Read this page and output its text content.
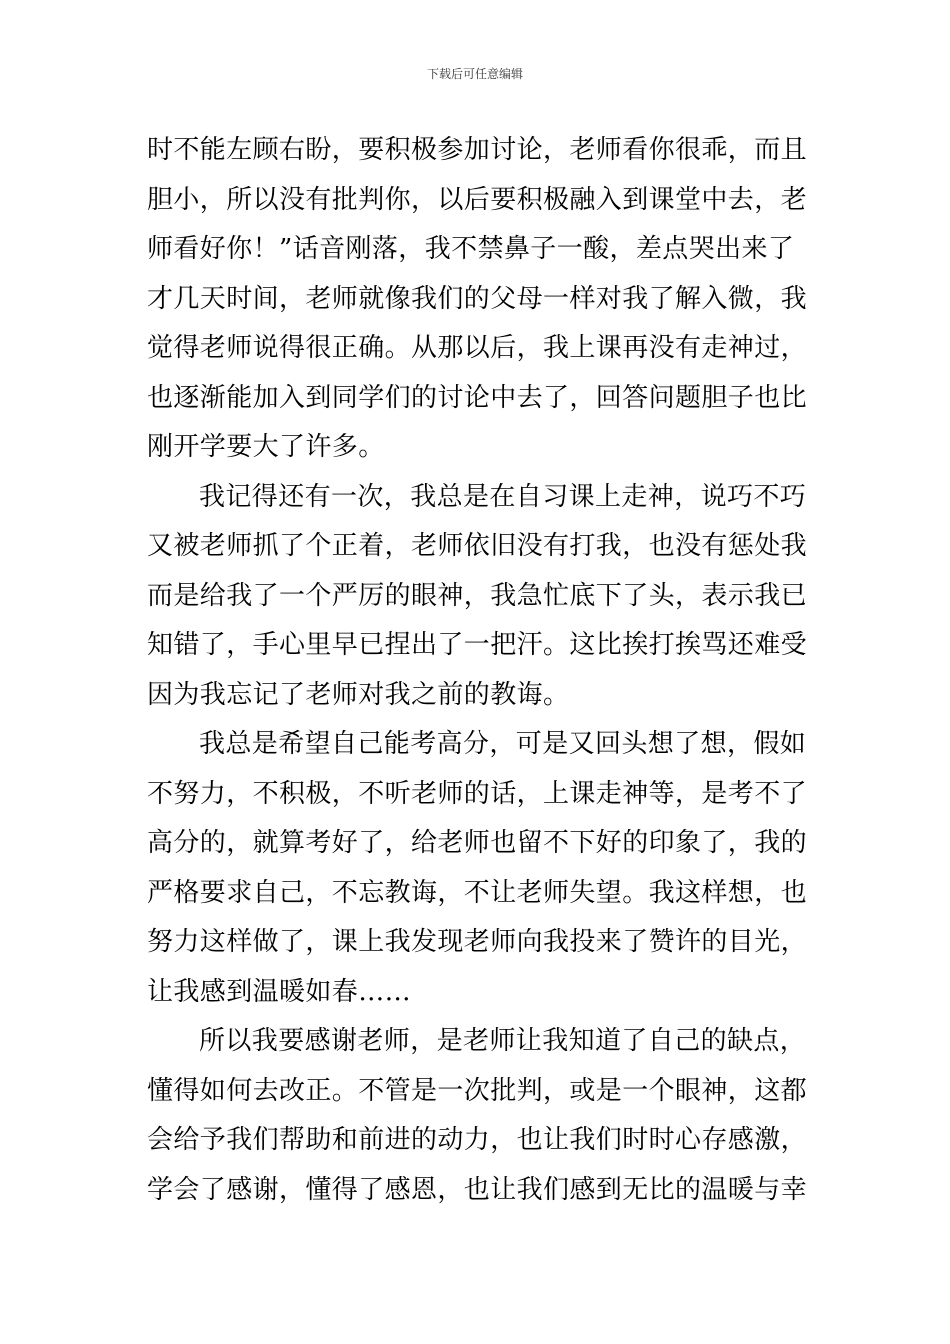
下载后可任意编辑
时不能左顾右盼，要积极参加讨论，老师看你很乖，而且
胆小，所以没有批判你，以后要积极融入到课堂中去，老
师看好你！”话音刚落，我不禁鼻子一酸，差点哭出来了
才几天时间，老师就像我们的父母一样对我了解入微，我
觉得老师说得很正确。从那以后，我上课再没有走神过，
也逐渐能加入到同学们的讨论中去了，回答问题胆子也比
刚开学要大了许多。
我记得还有一次，我总是在自习课上走神，说巧不巧
又被老师抓了个正着，老师依旧没有打我，也没有惩处我
而是给我了一个严厉的眼神，我急忙底下了头，表示我已
知错了，手心里早已捏出了一把汗。这比挨打挨骂还难受
因为我忘记了老师对我之前的教诲。
我总是希望自己能考高分，可是又回头想了想，假如
不努力，不积极，不听老师的话，上课走神等，是考不了
高分的，就算考好了，给老师也留不下好的印象了，我的
严格要求自己，不忘教诲，不让老师失望。我这样想，也
努力这样做了，课上我发现老师向我投来了赞许的目光，
让我感到温暖如春……
所以我要感谢老师，是老师让我知道了自己的缺点，
懂得如何去改正。不管是一次批判，或是一个眼神，这都
会给予我们帮助和前进的动力，也让我们时时心存感激，
学会了感谢，懂得了感恩，也让我们感到无比的温暖与幸
